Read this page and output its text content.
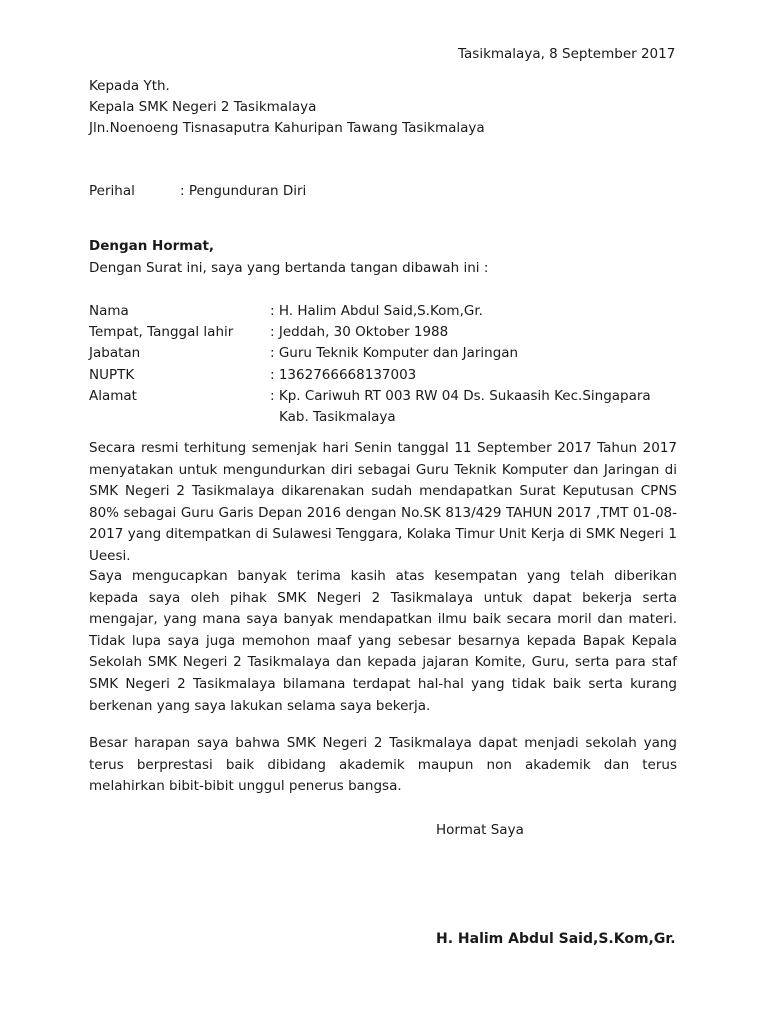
Tasikmalaya, 8 September 2017
Kepada Yth.
Kepala SMK Negeri 2 Tasikmalaya
Jln.Noenoeng Tisnasaputra Kahuripan Tawang Tasikmalaya
Perihal	: Pengunduran Diri
Dengan Hormat,
Dengan Surat ini, saya yang bertanda tangan dibawah ini :
Nama	: H. Halim Abdul Said,S.Kom,Gr.
Tempat, Tanggal lahir	: Jeddah, 30 Oktober 1988
Jabatan	: Guru Teknik Komputer dan Jaringan
NUPTK	: 1362766668137003
Alamat	: Kp. Cariwuh RT 003 RW 04 Ds. Sukaasih Kec.Singapara
Kab. Tasikmalaya
Secara resmi terhitung semenjak hari Senin tanggal 11 September 2017 Tahun 2017 menyatakan untuk mengundurkan diri sebagai Guru Teknik Komputer dan Jaringan di SMK Negeri 2 Tasikmalaya dikarenakan sudah mendapatkan Surat Keputusan CPNS 80% sebagai Guru Garis Depan 2016 dengan No.SK 813/429 TAHUN 2017 ,TMT 01-08-2017 yang ditempatkan di Sulawesi Tenggara, Kolaka Timur Unit Kerja di SMK Negeri 1 Ueesi.
Saya mengucapkan banyak terima kasih atas kesempatan yang telah diberikan kepada saya oleh pihak SMK Negeri 2 Tasikmalaya untuk dapat bekerja serta mengajar, yang mana saya banyak mendapatkan ilmu baik secara moril dan materi. Tidak lupa saya juga memohon maaf yang sebesar besarnya kepada Bapak Kepala Sekolah SMK Negeri 2 Tasikmalaya dan kepada jajaran Komite, Guru, serta para staf SMK Negeri 2 Tasikmalaya bilamana terdapat hal-hal yang tidak baik serta kurang berkenan yang saya lakukan selama saya bekerja.
Besar harapan saya bahwa SMK Negeri 2 Tasikmalaya dapat menjadi sekolah yang terus berprestasi baik dibidang akademik maupun non akademik dan terus melahirkan bibit-bibit unggul penerus bangsa.
Hormat Saya
H. Halim Abdul Said,S.Kom,Gr.
